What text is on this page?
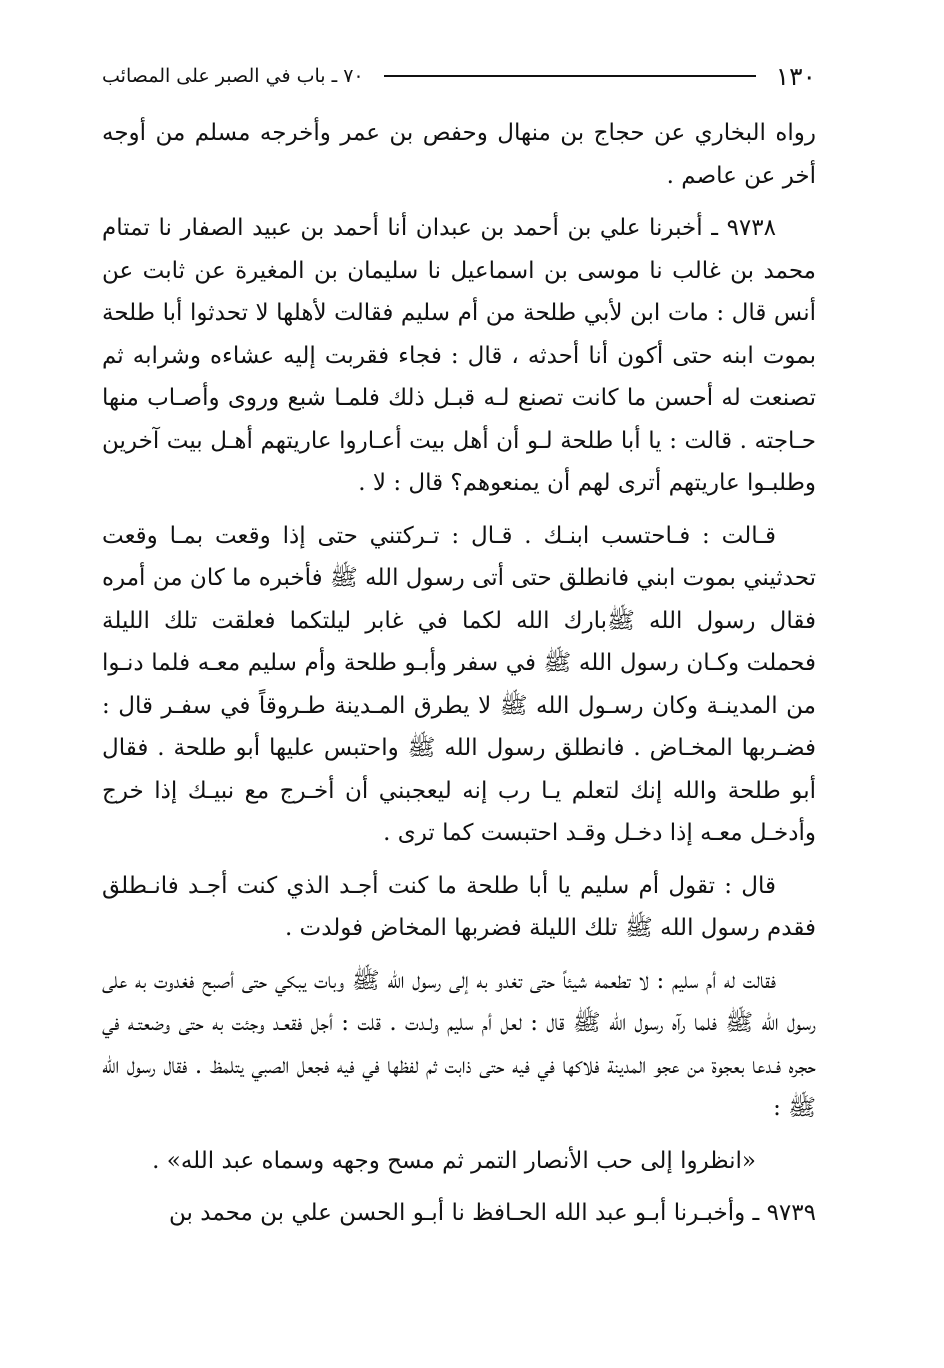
١٣٠
٧٠ ـ باب في الصبر على المصائب

رواه البخاري عن حجاج بن منهال وحفص بن عمر وأخرجه مسلم من أوجه أخر عن عاصم .

٩٧٣٨ ـ أخبرنا علي بن أحمد بن عبدان أنا أحمد بن عبيد الصفار نا تمتام محمد بن غالب نا موسى بن اسماعيل نا سليمان بن المغيرة عن ثابت عن أنس قال : مات ابن لأبي طلحة من أم سليم فقالت لأهلها لا تحدثوا أبا طلحة بموت ابنه حتى أكون أنا أحدثه ، قال : فجاء فقربت إليه عشاءه وشرابه ثم تصنعت له أحسن ما كانت تصنع لـه قبـل ذلك فلمـا شبع وروى وأصـاب منها حـاجته . قالت : يا أبا طلحة لـو أن أهل بيت أعـاروا عاريتهم أهـل بيت آخرين وطلبـوا عاريتهم أترى لهم أن يمنعوهم؟ قال : لا .

قـالت : فـاحتسب ابنـك . قـال : تـركتني حتى إذا وقعت بمـا وقعت تحدثيني بموت ابني فانطلق حتى أتى رسول الله ﷺ فأخبره ما كان من أمره فقال رسول الله ﷺبارك الله لكما في غابر ليلتكما فعلقت تلك الليلة فحملت وكـان رسول الله ﷺ في سفر وأبـو طلحة وأم سليم معـه فلما دنـوا من المدينـة وكان رسـول الله ﷺ لا يطرق المـدينة طـروقاً في سفـر قال : فضـربها المخـاض . فانطلق رسول الله ﷺ واحتبس عليها أبو طلحة . فقال أبو طلحة والله إنك لتعلم يـا رب إنه ليعجبني أن أخـرج مع نبيـك إذا خرج وأدخـل معـه إذا دخـل وقـد احتبست كما ترى .

قال : تقول أم سليم يا أبا طلحة ما كنت أجـد الذي كنت أجـد فانـطلق فقدم رسول الله ﷺ تلك الليلة فضربها المخاض فولدت .

فقالت له أم سليم : لا تطعمه شيئاً حتى تغدو به إلى رسول الله ﷺ وبات يبكي حتى أصبح فغدوت به على رسول الله ﷺ فلما رآه رسول الله ﷺ قال : لعل أم سليم ولـدت . قلت : أجل فقعـد وجئت به حتى وضعتـه في حجره فـدعا بعجوة من عجو المدينة فلاكها في فيه حتى ذابت ثم لفظها في فيه فجعل الصبي يتلمظ . فقال رسول الله ﷺ :

«انظروا إلى حب الأنصار التمر ثم مسح وجهه وسماه عبد الله» .

٩٧٣٩ ـ وأخبـرنا أبـو عبد الله الحـافظ نا أبـو الحسن علي بن محمد بن
